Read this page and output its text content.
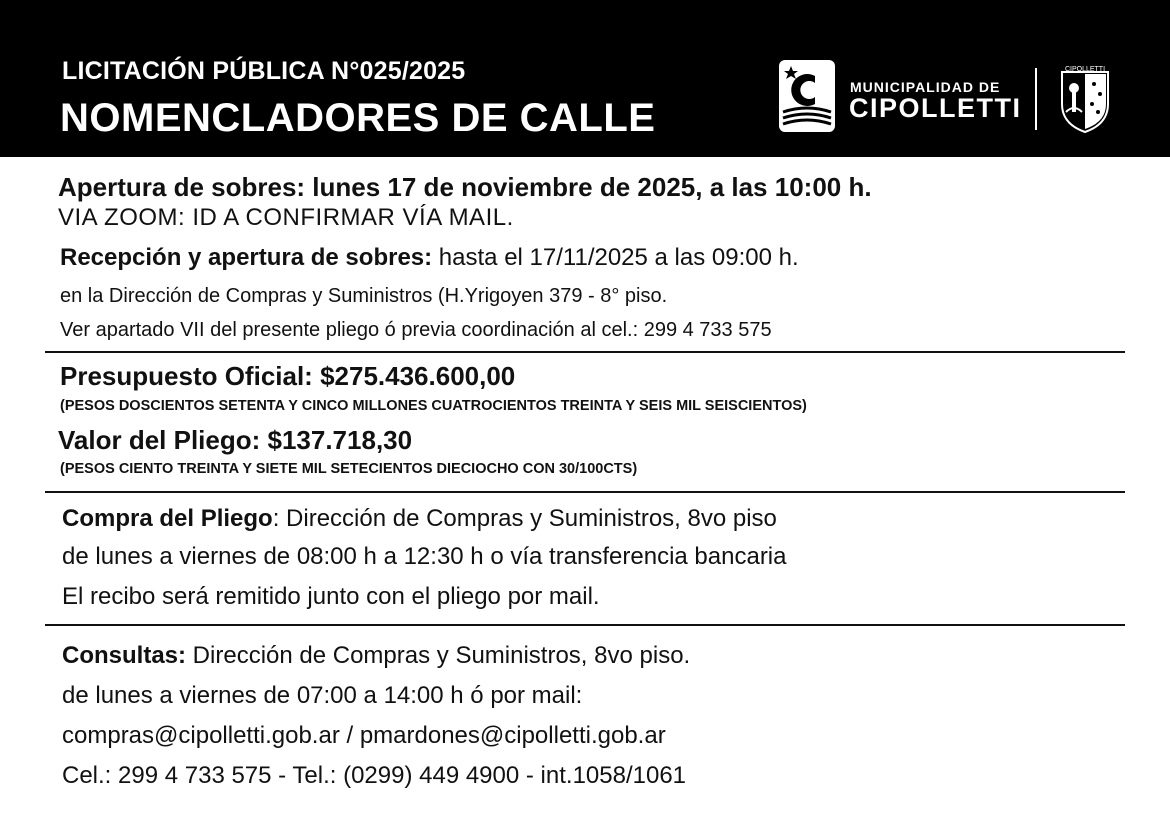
LICITACIÓN PÚBLICA N°025/2025
NOMENCLADORES DE CALLE
MUNICIPALIDAD DE
CIPOLLETTI
CIPOLLETTI
Apertura de sobres: lunes 17 de noviembre de 2025, a las 10:00 h.
VIA ZOOM: ID A CONFIRMAR VÍA MAIL.
Recepción y apertura de sobres: hasta el 17/11/2025 a las 09:00 h.
en la Dirección de Compras y Suministros (H.Yrigoyen 379 - 8° piso.
Ver apartado VII del presente pliego ó previa coordinación al cel.: 299 4 733 575
Presupuesto Oficial: $275.436.600,00
(PESOS DOSCIENTOS SETENTA Y CINCO MILLONES CUATROCIENTOS TREINTA Y SEIS MIL SEISCIENTOS)
Valor del Pliego: $137.718,30
(PESOS CIENTO TREINTA Y SIETE MIL SETECIENTOS DIECIOCHO CON 30/100CTS)
Compra del Pliego: Dirección de Compras y Suministros, 8vo piso
de lunes a viernes de 08:00 h a 12:30 h o vía transferencia bancaria
El recibo será remitido junto con el pliego por mail.
Consultas: Dirección de Compras y Suministros, 8vo piso.
de lunes a viernes de 07:00 a 14:00 h ó por mail:
compras@cipolletti.gob.ar / pmardones@cipolletti.gob.ar
Cel.: 299 4 733 575 - Tel.: (0299) 449 4900 - int.1058/1061
